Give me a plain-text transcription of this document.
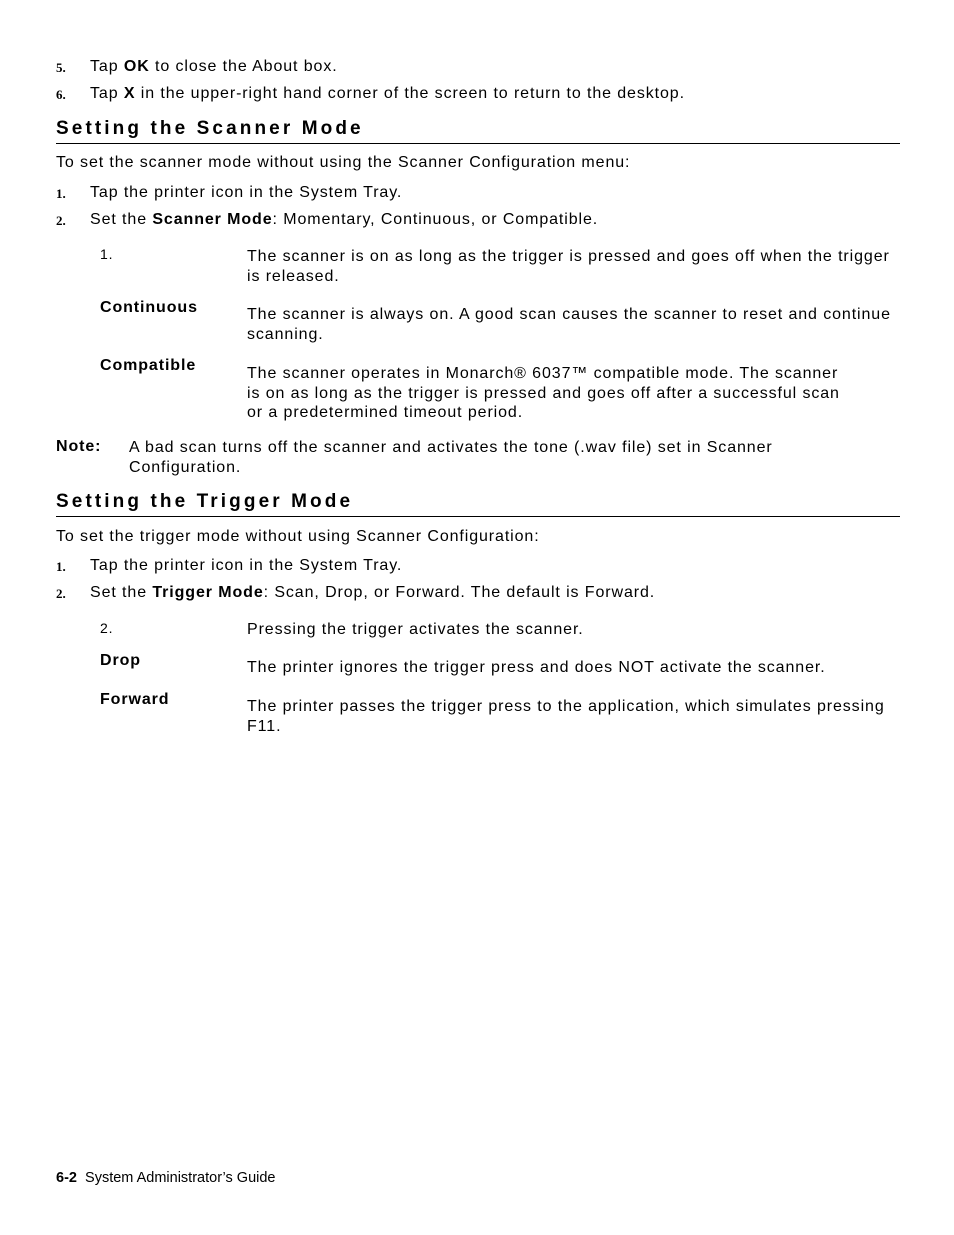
5. Tap OK to close the About box.
6. Tap X in the upper-right hand corner of the screen to return to the desktop.
Setting the Scanner Mode
To set the scanner mode without using the Scanner Configuration menu:
1. Tap the printer icon in the System Tray.
2. Set the Scanner Mode: Momentary, Continuous, or Compatible.
1.	The scanner is on as long as the trigger is pressed and goes off when the trigger is released.
Continuous	The scanner is always on. A good scan causes the scanner to reset and continue scanning.
Compatible	The scanner operates in Monarch® 6037™ compatible mode. The scanner is on as long as the trigger is pressed and goes off after a successful scan or a predetermined timeout period.
Note: A bad scan turns off the scanner and activates the tone (.wav file) set in Scanner Configuration.
Setting the Trigger Mode
To set the trigger mode without using Scanner Configuration:
1. Tap the printer icon in the System Tray.
2. Set the Trigger Mode: Scan, Drop, or Forward. The default is Forward.
2.	Pressing the trigger activates the scanner.
Drop	The printer ignores the trigger press and does NOT activate the scanner.
Forward	The printer passes the trigger press to the application, which simulates pressing F11.
6-2 System Administrator’s Guide
